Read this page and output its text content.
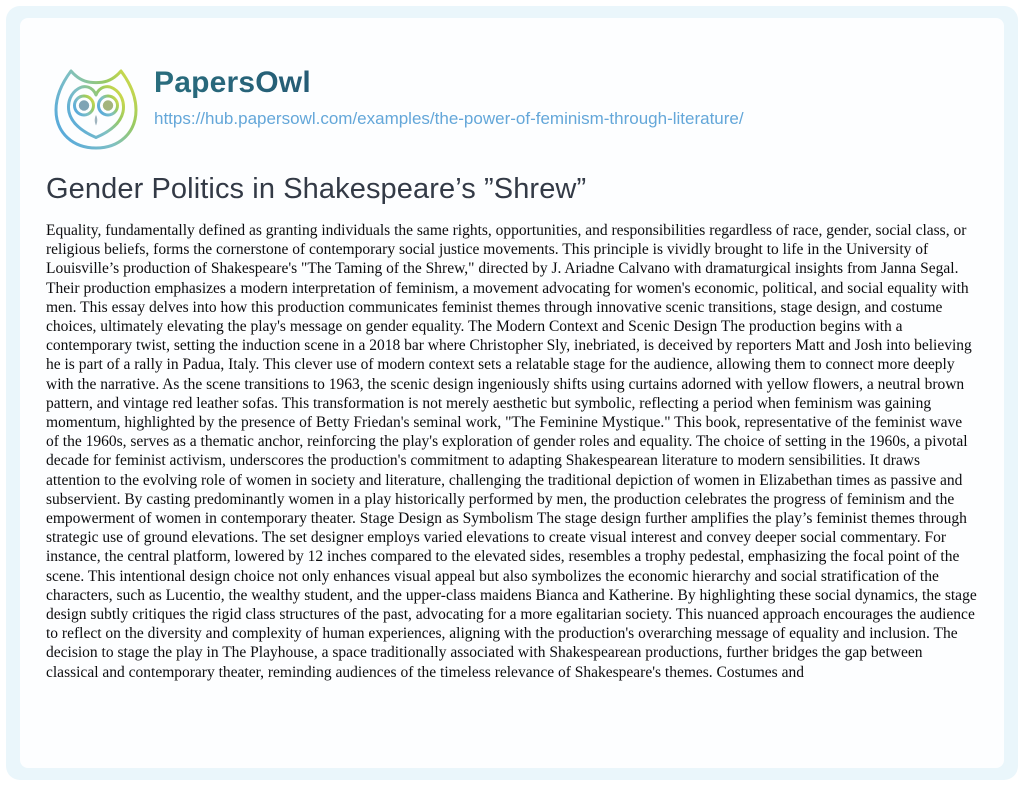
PapersOwl
https://hub.papersowl.com/examples/the-power-of-feminism-through-literature/
Gender Politics in Shakespeare’s ”Shrew”

Equality, fundamentally defined as granting individuals the same rights, opportunities, and responsibilities regardless of race, gender, social class, or religious beliefs, forms the cornerstone of contemporary social justice movements. This principle is vividly brought to life in the University of Louisville’s production of Shakespeare's "The Taming of the Shrew," directed by J. Ariadne Calvano with dramaturgical insights from Janna Segal. Their production emphasizes a modern interpretation of feminism, a movement advocating for women's economic, political, and social equality with men. This essay delves into how this production communicates feminist themes through innovative scenic transitions, stage design, and costume choices, ultimately elevating the play's message on gender equality. The Modern Context and Scenic Design The production begins with a contemporary twist, setting the induction scene in a 2018 bar where Christopher Sly, inebriated, is deceived by reporters Matt and Josh into believing he is part of a rally in Padua, Italy. This clever use of modern context sets a relatable stage for the audience, allowing them to connect more deeply with the narrative. As the scene transitions to 1963, the scenic design ingeniously shifts using curtains adorned with yellow flowers, a neutral brown pattern, and vintage red leather sofas. This transformation is not merely aesthetic but symbolic, reflecting a period when feminism was gaining momentum, highlighted by the presence of Betty Friedan's seminal work, "The Feminine Mystique." This book, representative of the feminist wave of the 1960s, serves as a thematic anchor, reinforcing the play's exploration of gender roles and equality. The choice of setting in the 1960s, a pivotal decade for feminist activism, underscores the production's commitment to adapting Shakespearean literature to modern sensibilities. It draws attention to the evolving role of women in society and literature, challenging the traditional depiction of women in Elizabethan times as passive and subservient. By casting predominantly women in a play historically performed by men, the production celebrates the progress of feminism and the empowerment of women in contemporary theater. Stage Design as Symbolism The stage design further amplifies the play’s feminist themes through strategic use of ground elevations. The set designer employs varied elevations to create visual interest and convey deeper social commentary. For instance, the central platform, lowered by 12 inches compared to the elevated sides, resembles a trophy pedestal, emphasizing the focal point of the scene. This intentional design choice not only enhances visual appeal but also symbolizes the economic hierarchy and social stratification of the characters, such as Lucentio, the wealthy student, and the upper-class maidens Bianca and Katherine. By highlighting these social dynamics, the stage design subtly critiques the rigid class structures of the past, advocating for a more egalitarian society. This nuanced approach encourages the audience to reflect on the diversity and complexity of human experiences, aligning with the production's overarching message of equality and inclusion. The decision to stage the play in The Playhouse, a space traditionally associated with Shakespearean productions, further bridges the gap between classical and contemporary theater, reminding audiences of the timeless relevance of Shakespeare's themes. Costumes and
